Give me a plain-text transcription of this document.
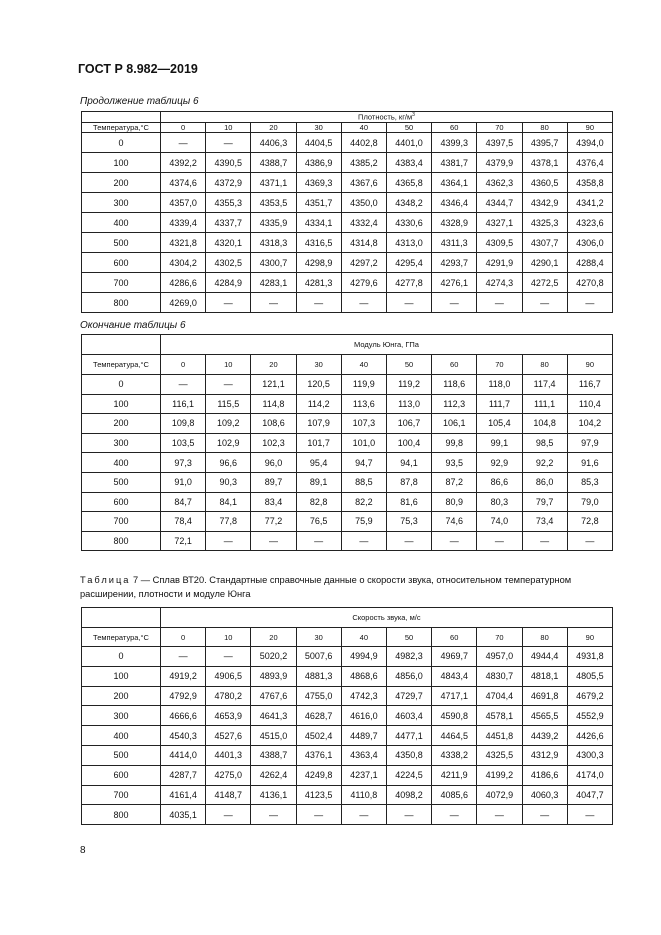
ГОСТ Р 8.982—2019
Продолжение таблицы 6
	Плотность, $кг/м^3$
Температура,°C	0	10	20	30	40	50	60	70	80	90
0	—	—	4406,3	4404,5	4402,8	4401,0	4399,3	4397,5	4395,7	4394,0
100	4392,2	4390,5	4388,7	4386,9	4385,2	4383,4	4381,7	4379,9	4378,1	4376,4
200	4374,6	4372,9	4371,1	4369,3	4367,6	4365,8	4364,1	4362,3	4360,5	4358,8
300	4357,0	4355,3	4353,5	4351,7	4350,0	4348,2	4346,4	4344,7	4342,9	4341,2
400	4339,4	4337,7	4335,9	4334,1	4332,4	4330,6	4328,9	4327,1	4325,3	4323,6
500	4321,8	4320,1	4318,3	4316,5	4314,8	4313,0	4311,3	4309,5	4307,7	4306,0
600	4304,2	4302,5	4300,7	4298,9	4297,2	4295,4	4293,7	4291,9	4290,1	4288,4
700	4286,6	4284,9	4283,1	4281,3	4279,6	4277,8	4276,1	4274,3	4272,5	4270,8
800	4269,0	—	—	—	—	—	—	—	—	—
Окончание таблицы 6
	Модуль Юнга, ГПа									
Температура,°C	0	10	20	30	40	50	60	70	80	90
0	—	—	121,1	120,5	119,9	119,2	118,6	118,0	117,4	116,7
100	116,1	115,5	114,8	114,2	113,6	113,0	112,3	111,7	111,1	110,4
200	109,8	109,2	108,6	107,9	107,3	106,7	106,1	105,4	104,8	104,2
300	103,5	102,9	102,3	101,7	101,0	100,4	99,8	99,1	98,5	97,9
400	97,3	96,6	96,0	95,4	94,7	94,1	93,5	92,9	92,2	91,6
500	91,0	90,3	89,7	89,1	88,5	87,8	87,2	86,6	86,0	85,3
600	84,7	84,1	83,4	82,8	82,2	81,6	80,9	80,3	79,7	79,0
700	78,4	77,8	77,2	76,5	75,9	75,3	74,6	74,0	73,4	72,8
800	72,1	—	—	—	—	—	—	—	—	—
Таблица 7 — Сплав ВТ20. Стандартные справочные данные о скорости звука, относительном температурном расширении, плотности и модуле Юнга
	Скорость звука, м/с									
Температура,°C	0	10	20	30	40	50	60	70	80	90
0	—	—	5020,2	5007,6	4994,9	4982,3	4969,7	4957,0	4944,4	4931,8
100	4919,2	4906,5	4893,9	4881,3	4868,6	4856,0	4843,4	4830,7	4818,1	4805,5
200	4792,9	4780,2	4767,6	4755,0	4742,3	4729,7	4717,1	4704,4	4691,8	4679,2
300	4666,6	4653,9	4641,3	4628,7	4616,0	4603,4	4590,8	4578,1	4565,5	4552,9
400	4540,3	4527,6	4515,0	4502,4	4489,7	4477,1	4464,5	4451,8	4439,2	4426,6
500	4414,0	4401,3	4388,7	4376,1	4363,4	4350,8	4338,2	4325,5	4312,9	4300,3
600	4287,7	4275,0	4262,4	4249,8	4237,1	4224,5	4211,9	4199,2	4186,6	4174,0
700	4161,4	4148,7	4136,1	4123,5	4110,8	4098,2	4085,6	4072,9	4060,3	4047,7
800	4035,1	—	—	—	—	—	—	—	—	—
8
